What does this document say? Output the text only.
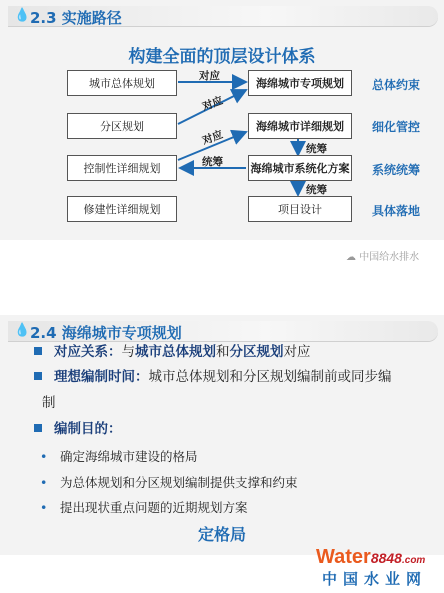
💧 2.3 实施路径
构建全面的顶层设计体系
城市总体规划
分区规划
控制性详细规划
修建性详细规划
海绵城市专项规划
海绵城市详细规划
海绵城市系统化方案
项目设计
总体约束
细化管控
系统统筹
具体落地
对应
对应
对应
统筹
统筹
统筹
☁ 中国给水排水
💧 2.4 海绵城市专项规划
对应关系：与城市总体规划和分区规划对应
理想编制时间：城市总体规划和分区规划编制前或同步编
制
编制目的：
• 确定海绵城市建设的格局
• 为总体规划和分区规划编制提供支撑和约束
• 提出现状重点问题的近期规划方案
定格局
Water8848.com
中国水业网
